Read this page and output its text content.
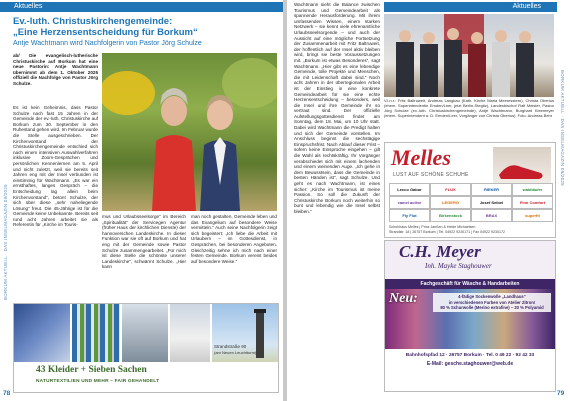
Aktuelles
Ev.-luth. Christuskirchengemeinde:
„Eine Herzensentscheidung für Borkum“
Antje Wachtmann wird Nachfolgerin von Pastor Jörg Schulze

ab/ Die evangelisch-lutherische Christuskirche auf Borkum hat eine neue Pastorin: Antje Wachtmann übernimmt ab dem 1. Oktober 2025 offiziell die Nachfolge von Pastor Jörg Schulze.

Es ist kein Geheimnis, dass Pastor Schulze nach fast 15 Jahren in der Gemeinde der ev.-luth. Christuskirche auf Borkum zum 30. September in den Ruhestand gehen wird. Im Februar wurde die Stelle ausgeschrieben. Der Kirchenvorstand der Christuskirchengemeinde entschied sich nach einem intensiven Auswahlverfahren inklusive Zoom-Gesprächen und persönlichen Kennenlernen am 5. April und nicht zuletzt, weil sie bereits seit Jahren eng mit der Insel verbunden ist einstimmig für Wachtmann. „Es war ein ernsthaftes, langes Gespräch – die Entscheidung lag allein beim Kirchenvorstand“, betont Schulze, der sich über diese „sehr naheliegende Lösung“ freut. Die 45-Jährige ist für die Gemeinde keine Unbekannte. Bereits seit rund acht Jahren arbeitet sie als Referentin für „Kirche im Touris-

mus und Urlaubsseelsorge“ im Bereich „Spiritualität“ der Servicegen Agentur (früher Haus der kirchlichen Dienste) der hannoverschen Landeskirche. In dieser Funktion war sie oft auf Borkum und hat eng mit der Gemeinde sowie Pastor Schulze zusammengearbeitet. „Für mich ist diese Stelle die schönste unserer Landeskirche“, schwärmt Schulze. „Hier kann

man noch gestalten, Gemeinde leben und das Evangelium auf besondere Weise vermitteln.“ Auch seine Nachfolgerin zeigt sich begeistert: „Ich liebe die Arbeit mit Urlaubern – im Gottesdienst, in Gesprächen, bei besonderen Angeboten. Gleichzeitig sehne ich mich nach einer festen Gemeinde. Borkum vereint beides auf besondere Weise.“

Strandstraße 90
(am Neuen Leuchtturm)
43 Kleider + Sieben Sachen
NATURTEXTILIEN UND MEHR – FAIR GEHANDELT
BORKUM AKTUELL · DAS INSELMAGAZIN 09/2025
78
Aktuelles

Wachtmann sieht die Balance zwischen Tourismus und Gemeindearbeit als spannende Herausforderung. Mit ihrem umfassenden Wissen, einem starken Netzwerk – sie kennt viele ehrenamtliche Urlaubsseelsorgende – und auch der Aussicht auf eine mögliche Fortsetzung der Zusammenarbeit mit Fritz Baltruweit, der hoffentlich auf der Insel aktiv bleiben wird, bringt sie beste Voraussetzungen mit. „Borkum ist etwas Besonderes“, sagt Wachtmann. „Hier gibt es eine lebendige Gemeinde, tolle Projekte und Menschen, die mit Leidenschaft dabei sind.“ Noch acht Jahren in der überregionalen Arbeit ist der Einstieg in eine konkrete Gemeindearbeit für sie eine echte Herzensentscheidung – besonders, weil die Insel und ihre Gemeinde ihr so vertraut sind. Der offizielle Aufstellungsgottesdienst findet am Sonntag, dem 18. Mai, um 10 Uhr statt. Dabei wird Wachtmann die Predigt halten und sich der Gemeinde vorstellen. Im Anschluss beginnt die sechstägige Einspruchsfrist. Nach Ablauf dieser Frist – sofern keine Einsprüche eingehen – gilt die Wahl als rechtskräftig. Ihr Vorgänger verabschiedet sich mit einem lachenden und einem weinenden Auge. „Ich gehe in dem Bewusstsein, dass die Gemeinde in besten Händen ist“, sagt Schulze. Und geht es nach Wachtmann, ist eines sicher: „Kirche im Tourismus ist meine Passion. So soll die Zukunft der Christuskirche Borkum noch weiterhin so bunt und lebendig wie die Insel selbst bleiben.“

V.l.n.r.: Fritz Baltruweit, Andreas Langkau (Kath. Kirche Maria Meeresstern), Christa Oberius (ehem. Superintendentin Emden/Leer, jetzt Berlin-Stegitz), Landesbischof Ralf Meister, Pastor Jörg Schulze (ev.-luth. Christuskirchengemeinde), Antje Wachtmann, Burghard Kleemeyer (ehem. Superintendent a. D. Emden/Leer, Vorgänger von Christa Oberius). Foto: Andreas Behr

Melles
LUST AUF SCHÖNE SCHUHE
Lecco Gabor	FLUX	RIEKER	waldläufer
camel active	LEGERO	Josef Seibel	Finn Comfort
Fly Flot	Birkenstock	BRAX	superfit
Schuhhaus Melles | Prinz Janßen & Heide Michaelsen
Strandstr. 18 | 26757 Borkum | Tel. 04922 9230171 | Fax 04922 9230172
C.H. Meyer
Inh. Mayke Staghouwer
Fachgeschäft für Wäsche & Handarbeiten
Neu:	4-fädige Sockenwolle „Landhaus“
in verschiedenen Farben von Atelier Zitron!
80 % Schurwolle (Merino extrafine) – 20 % Polyamid
Bahnhofspfad 12 · 26757 Borkum · Tel. 0 49 22 - 92 42 33
E-Mail: gesche.staghouwer@web.de
BORKUM AKTUELL · DAS INSELMAGAZIN 09/2025
79
